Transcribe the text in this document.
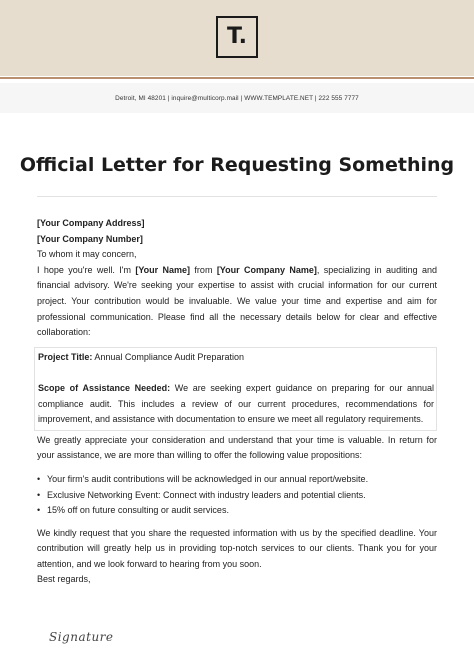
T.
Detroit, MI 48201 | inquire@multicorp.mail | WWW.TEMPLATE.NET | 222 555 7777
Official Letter for Requesting Something

[Your Company Address]

[Your Company Number]

To whom it may concern,

I hope you're well. I'm [Your Name] from [Your Company Name], specializing in auditing and financial advisory. We're seeking your expertise to assist with crucial information for our current project. Your contribution would be invaluable. We value your time and expertise and aim for professional communication. Please find all the necessary details below for clear and effective collaboration:

Project Title: Annual Compliance Audit Preparation

Scope of Assistance Needed: We are seeking expert guidance on preparing for our annual compliance audit. This includes a review of our current procedures, recommendations for improvement, and assistance with documentation to ensure we meet all regulatory requirements.

We greatly appreciate your consideration and understand that your time is valuable. In return for your assistance, we are more than willing to offer the following value propositions:

• Your firm's audit contributions will be acknowledged in our annual report/website.
• Exclusive Networking Event: Connect with industry leaders and potential clients.
• 15% off on future consulting or audit services.

We kindly request that you share the requested information with us by the specified deadline. Your contribution will greatly help us in providing top-notch services to our clients. Thank you for your attention, and we look forward to hearing from you soon.

Best regards,

Signature
